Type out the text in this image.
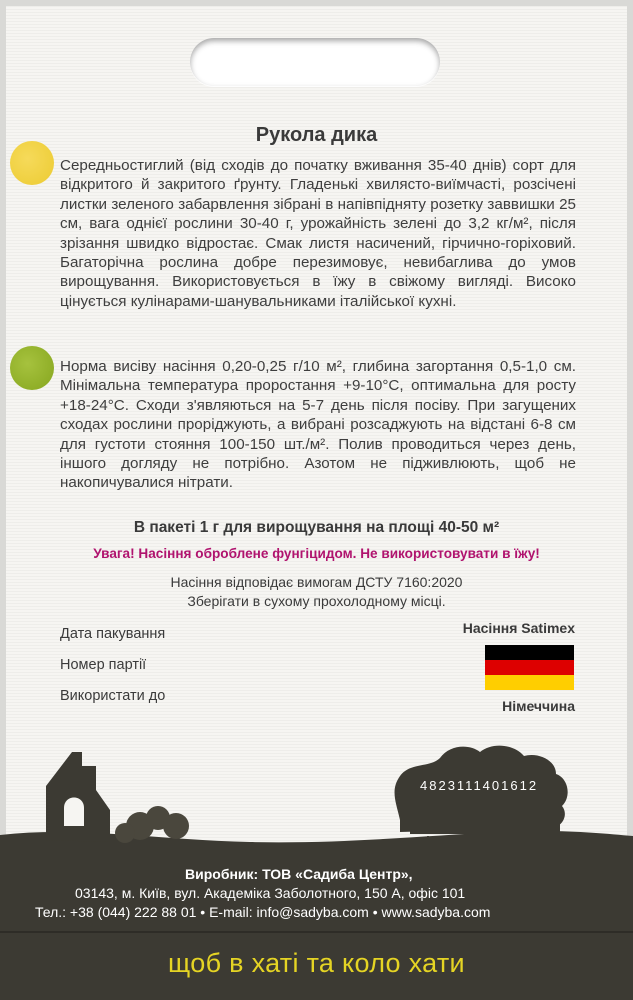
Рукола дика
Середньостиглий (від сходів до початку вживання 35-40 днів) сорт для відкритого й закритого ґрунту. Гладенькі хвилясто-виїмчасті, розсічені листки зеленого забарвлення зібрані в напівпідняту розетку заввишки 25 см, вага однієї рослини 30-40 г, урожайність зелені до 3,2 кг/м², після зрізання швидко відростає. Смак листя насичений, гірчично-горіховий. Багаторічна рослина добре перезимовує, невибаглива до умов вирощування. Використовується в їжу в свіжому вигляді. Високо цінується кулінарами-шанувальниками італійської кухні.
Норма висіву насіння 0,20-0,25 г/10 м², глибина загортання 0,5-1,0 см. Мінімальна температура проростання +9-10°С, оптимальна для росту +18-24°С. Сходи з'являються на 5-7 день після посіву. При загущених сходах рослини проріджують, а вибрані розсаджують на відстані 6-8 см для густоти стояння 100-150 шт./м². Полив проводиться через день, іншого догляду не потрібно. Азотом не підживлюють, щоб не накопичувалися нітрати.
В пакеті 1 г для вирощування на площі 40-50 м²
Увага! Насіння оброблене фунгіцидом. Не використовувати в їжу!
Насіння відповідає вимогам ДСТУ 7160:2020
Зберігати в сухому прохолодному місці.
Дата пакування
Номер партії
Використати до
Насіння Satimex
Німеччина
4823111401612
Виробник: ТОВ «Садиба Центр»,
03143, м. Київ, вул. Академіка Заболотного, 150 А, офіс 101
Тел.: +38 (044) 222 88 01 • E-mail: info@sadyba.com • www.sadyba.com
щоб в хаті та коло хати
